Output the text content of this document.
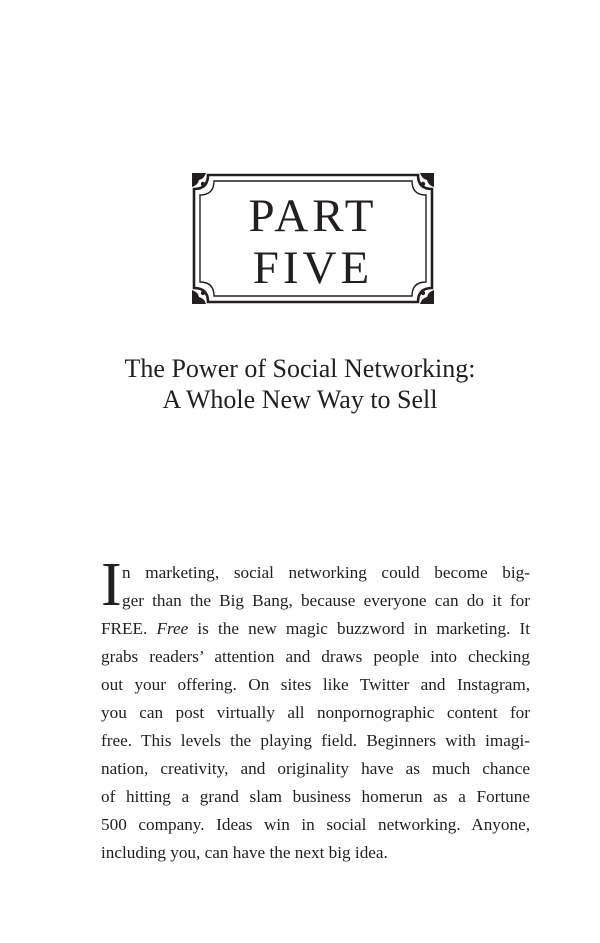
PART
FIVE
The Power of Social Networking:
A Whole New Way to Sell
I n marketing, social networking could become big-
ger than the Big Bang, because everyone can do it for
FREE. Free is the new magic buzzword in marketing. It
grabs readers’ attention and draws people into checking
out your offering. On sites like Twitter and Instagram,
you can post virtually all nonpornographic content for
free. This levels the playing field. Beginners with imagi-
nation, creativity, and originality have as much chance
of hitting a grand slam business homerun as a Fortune
500 company. Ideas win in social networking. Anyone,
including you, can have the next big idea.
